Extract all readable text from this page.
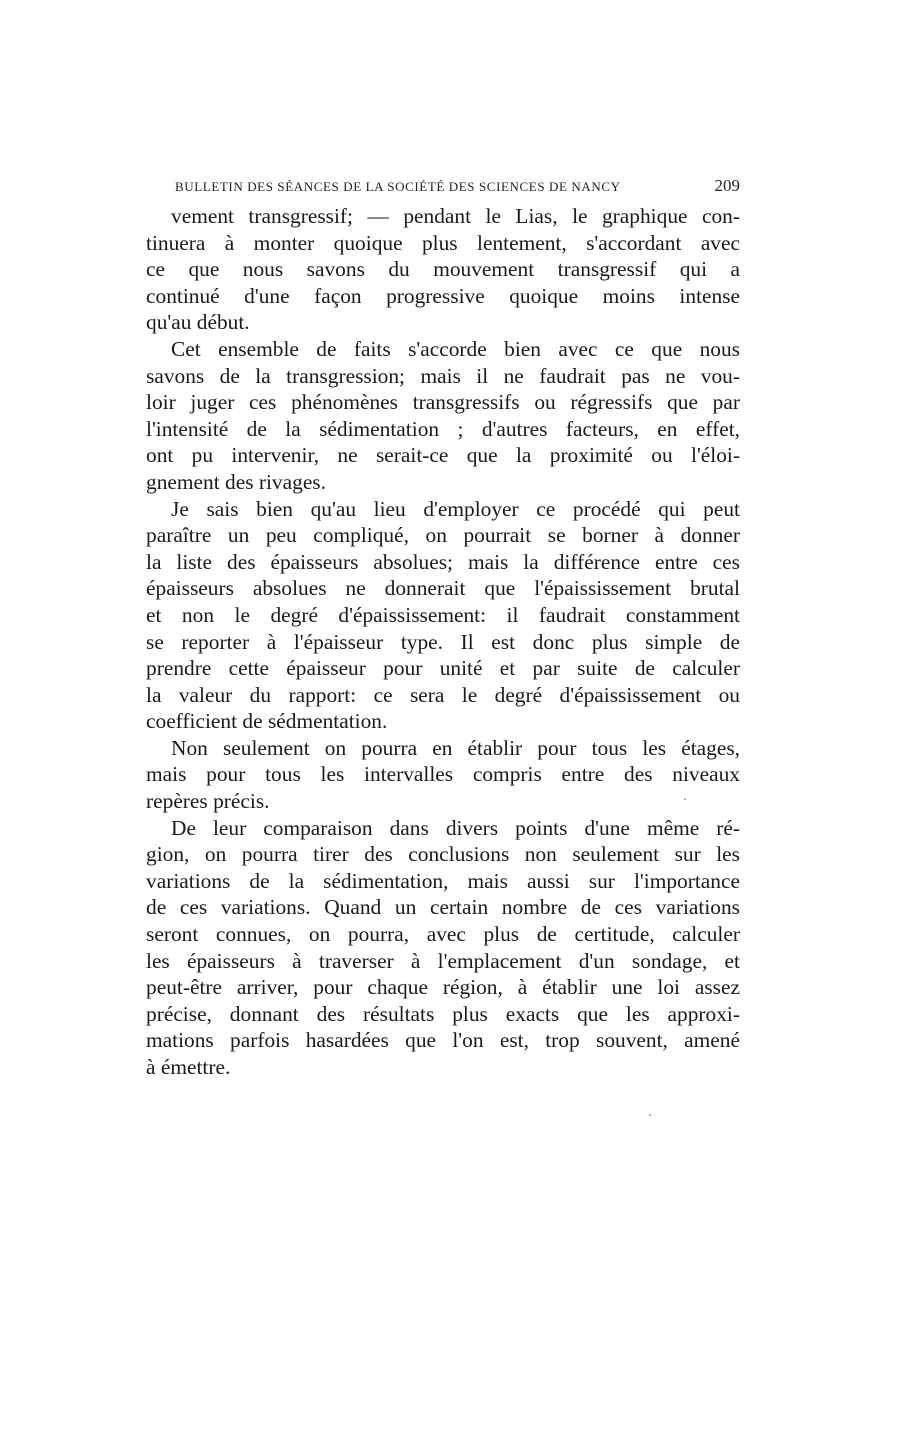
BULLETIN DES SÉANCES DE LA SOCIÉTÉ DES SCIENCES DE NANCY	209

vement transgressif; — pendant le Lias, le graphique con-
tinuera à monter quoique plus lentement, s'accordant avec
ce que nous savons du mouvement transgressif qui a
continué d'une façon progressive quoique moins intense
qu'au début.

Cet ensemble de faits s'accorde bien avec ce que nous
savons de la transgression; mais il ne faudrait pas ne vou-
loir juger ces phénomènes transgressifs ou régressifs que par
l'intensité de la sédimentation ; d'autres facteurs, en effet,
ont pu intervenir, ne serait-ce que la proximité ou l'éloi-
gnement des rivages.

Je sais bien qu'au lieu d'employer ce procédé qui peut
paraître un peu compliqué, on pourrait se borner à donner
la liste des épaisseurs absolues; mais la différence entre ces
épaisseurs absolues ne donnerait que l'épaississement brutal
et non le degré d'épaississement: il faudrait constamment
se reporter à l'épaisseur type. Il est donc plus simple de
prendre cette épaisseur pour unité et par suite de calculer
la valeur du rapport: ce sera le degré d'épaississement ou
coefficient de sédmentation.

Non seulement on pourra en établir pour tous les étages,
mais pour tous les intervalles compris entre des niveaux
repères précis.

De leur comparaison dans divers points d'une même ré-
gion, on pourra tirer des conclusions non seulement sur les
variations de la sédimentation, mais aussi sur l'importance
de ces variations. Quand un certain nombre de ces variations
seront connues, on pourra, avec plus de certitude, calculer
les épaisseurs à traverser à l'emplacement d'un sondage, et
peut-être arriver, pour chaque région, à établir une loi assez
précise, donnant des résultats plus exacts que les approxi-
mations parfois hasardées que l'on est, trop souvent, amené
à émettre.
